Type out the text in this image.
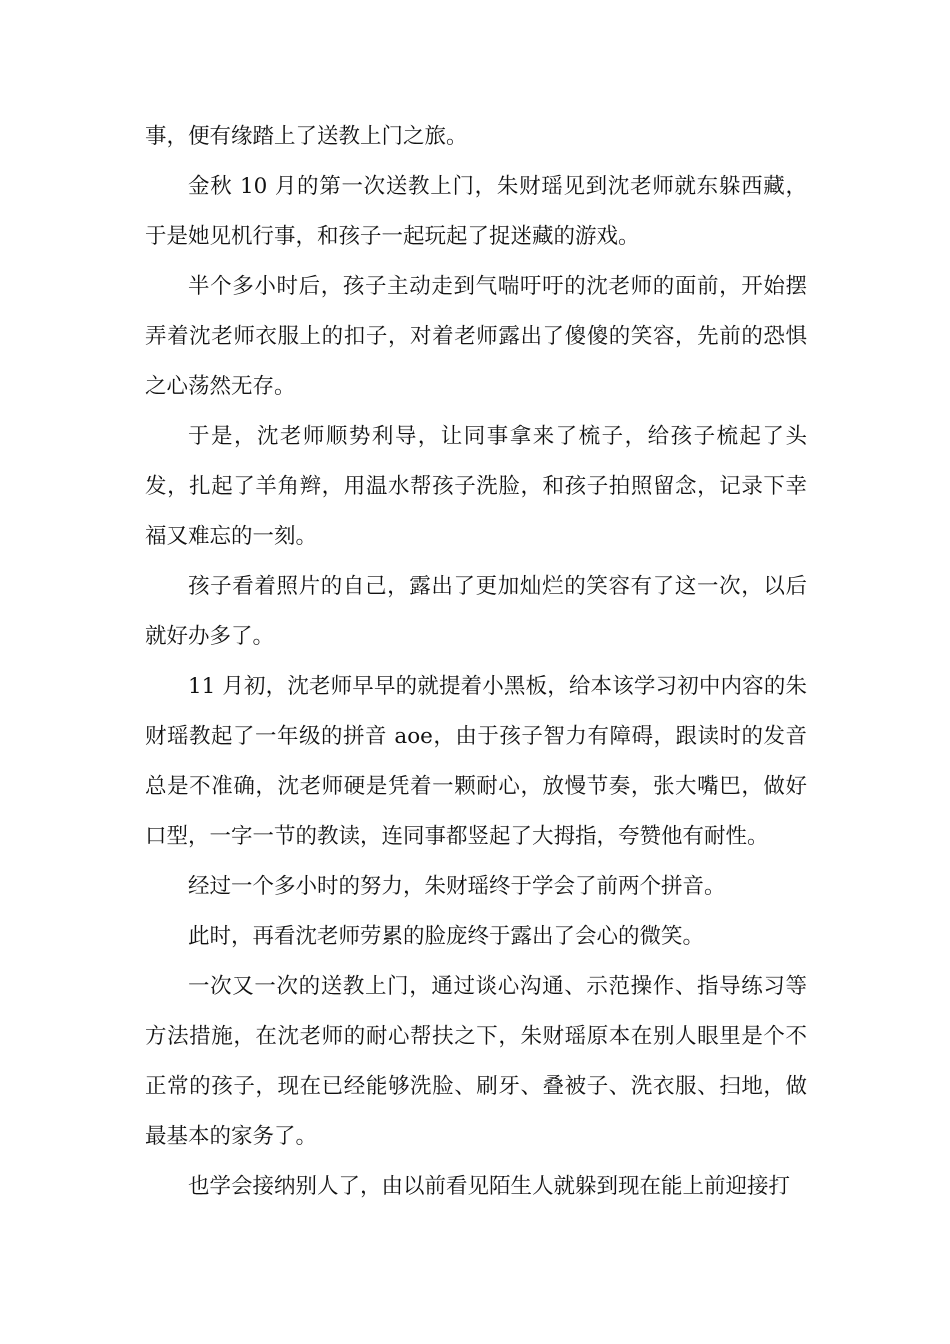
事，便有缘踏上了送教上门之旅。

金秋 10 月的第一次送教上门，朱财瑶见到沈老师就东躲西藏，于是她见机行事，和孩子一起玩起了捉迷藏的游戏。

半个多小时后，孩子主动走到气喘吁吁的沈老师的面前，开始摆弄着沈老师衣服上的扣子，对着老师露出了傻傻的笑容，先前的恐惧之心荡然无存。

于是，沈老师顺势利导，让同事拿来了梳子，给孩子梳起了头发，扎起了羊角辫，用温水帮孩子洗脸，和孩子拍照留念，记录下幸福又难忘的一刻。

孩子看着照片的自己，露出了更加灿烂的笑容有了这一次，以后就好办多了。

11 月初，沈老师早早的就提着小黑板，给本该学习初中内容的朱财瑶教起了一年级的拼音 aoe，由于孩子智力有障碍，跟读时的发音总是不准确，沈老师硬是凭着一颗耐心，放慢节奏，张大嘴巴，做好口型，一字一节的教读，连同事都竖起了大拇指，夸赞他有耐性。

经过一个多小时的努力，朱财瑶终于学会了前两个拼音。

此时，再看沈老师劳累的脸庞终于露出了会心的微笑。

一次又一次的送教上门，通过谈心沟通、示范操作、指导练习等方法措施，在沈老师的耐心帮扶之下，朱财瑶原本在别人眼里是个不正常的孩子，现在已经能够洗脸、刷牙、叠被子、洗衣服、扫地，做最基本的家务了。

也学会接纳别人了，由以前看见陌生人就躲到现在能上前迎接打
